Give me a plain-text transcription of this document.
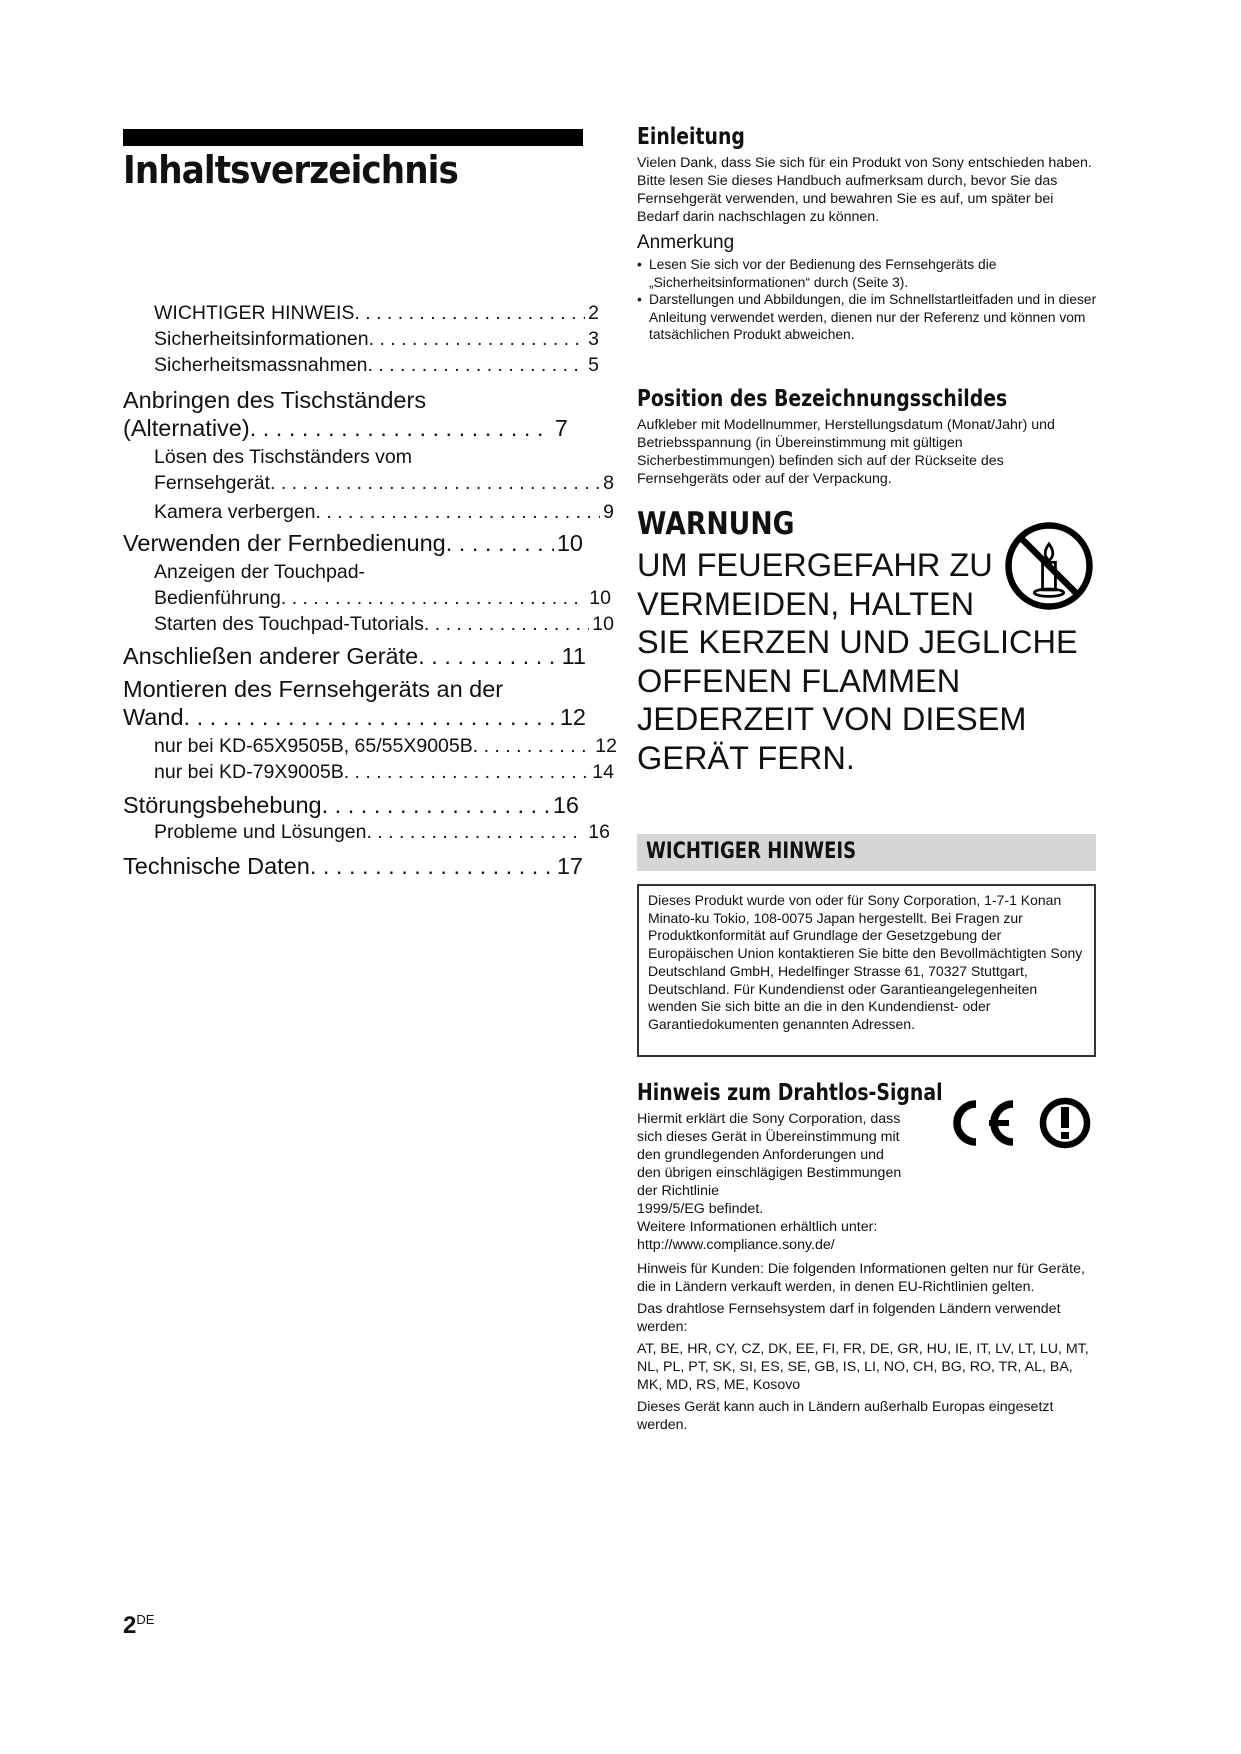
Inhaltsverzeichnis
WICHTIGER HINWEIS . . .	2
Sicherheitsinformationen . . .	3
Sicherheitsmassnahmen . . .	5
Anbringen des Tischständers
(Alternative) . . .	7
Lösen des Tischständers vom
Fernsehgerät . . .	8
Kamera verbergen . . .	9
Verwenden der Fernbedienung . . .	10
Anzeigen der Touchpad-
Bedienführung . . .	10
Starten des Touchpad-Tutorials . . .	10
Anschließen anderer Geräte . . .	11
Montieren des Fernsehgeräts an der
Wand . . .	12
nur bei KD-65X9505B, 65/55X9005B . . .	12
nur bei KD-79X9005B . . .	14
Störungsbehebung . . .	16
Probleme und Lösungen . . .	16
Technische Daten . . .	17
Einleitung

Vielen Dank, dass Sie sich für ein Produkt von Sony entschieden haben.

Bitte lesen Sie dieses Handbuch aufmerksam durch, bevor Sie das Fernsehgerät verwenden, und bewahren Sie es auf, um später bei Bedarf darin nachschlagen zu können.

Anmerkung

• Lesen Sie sich vor der Bedienung des Fernsehgeräts die „Sicherheitsinformationen“ durch (Seite 3).
• Darstellungen und Abbildungen, die im Schnellstartleitfaden und in dieser Anleitung verwendet werden, dienen nur der Referenz und können vom tatsächlichen Produkt abweichen.
Position des Bezeichnungsschildes

Aufkleber mit Modellnummer, Herstellungsdatum (Monat/Jahr) und Betriebsspannung (in Übereinstimmung mit gültigen Sicherbestimmungen) befinden sich auf der Rückseite des Fernsehgeräts oder auf der Verpackung.

WARNUNG
UM FEUERGEFAHR ZU
VERMEIDEN, HALTEN
SIE KERZEN UND JEGLICHE
OFFENEN FLAMMEN
JEDERZEIT VON DIESEM
GERÄT FERN.
WICHTIGER HINWEIS
Dieses Produkt wurde von oder für Sony Corporation, 1-7-1 Konan Minato-ku Tokio, 108-0075 Japan hergestellt. Bei Fragen zur Produktkonformität auf Grundlage der Gesetzgebung der Europäischen Union kontaktieren Sie bitte den Bevollmächtigten Sony Deutschland GmbH, Hedelfinger Strasse 61, 70327 Stuttgart, Deutschland. Für Kundendienst oder Garantieangelegenheiten wenden Sie sich bitte an die in den Kundendienst- oder Garantiedokumenten genannten Adressen.
Hinweis zum Drahtlos-Signal
Hiermit erklärt die Sony Corporation, dass
sich dieses Gerät in Übereinstimmung mit
den grundlegenden Anforderungen und
den übrigen einschlägigen Bestimmungen
der Richtlinie
1999/5/EG befindet.
Weitere Informationen erhältlich unter:
http://www.compliance.sony.de/

Hinweis für Kunden: Die folgenden Informationen gelten nur für Geräte, die in Ländern verkauft werden, in denen EU-Richtlinien gelten.

Das drahtlose Fernsehsystem darf in folgenden Ländern verwendet werden:

AT, BE, HR, CY, CZ, DK, EE, FI, FR, DE, GR, HU, IE, IT, LV, LT, LU, MT, NL, PL, PT, SK, SI, ES, SE, GB, IS, LI, NO, CH, BG, RO, TR, AL, BA, MK, MD, RS, ME, Kosovo

Dieses Gerät kann auch in Ländern außerhalb Europas eingesetzt werden.

2DE
